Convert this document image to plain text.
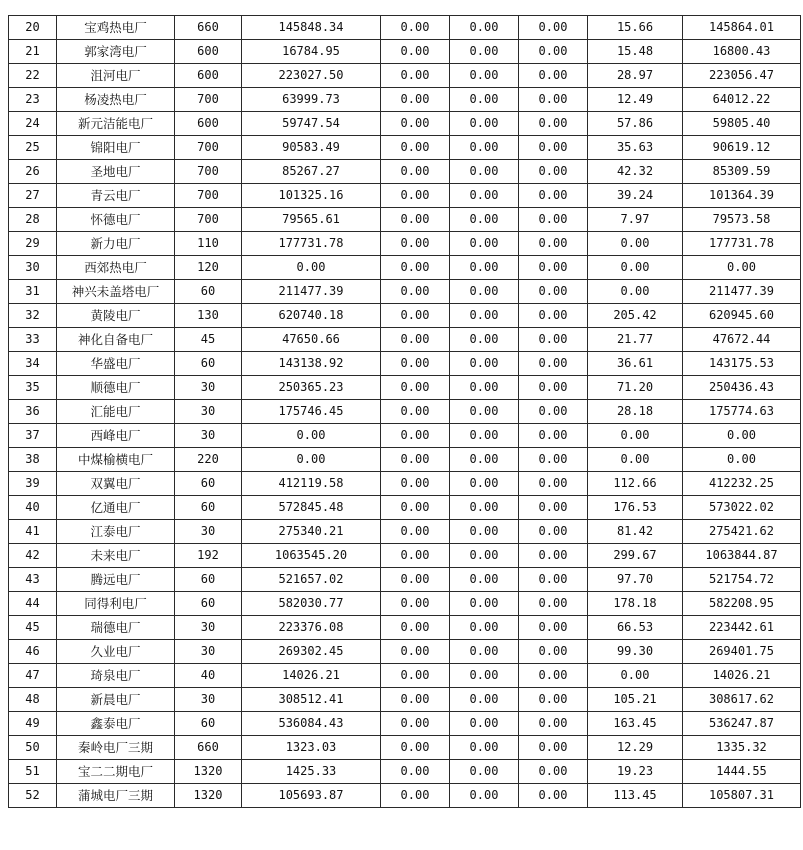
20	宝鸡热电厂	660	145848.34	0.00	0.00	0.00	15.66	145864.01
21	郭家湾电厂	600	16784.95	0.00	0.00	0.00	15.48	16800.43
22	沮河电厂	600	223027.50	0.00	0.00	0.00	28.97	223056.47
23	杨凌热电厂	700	63999.73	0.00	0.00	0.00	12.49	64012.22
24	新元洁能电厂	600	59747.54	0.00	0.00	0.00	57.86	59805.40
25	锦阳电厂	700	90583.49	0.00	0.00	0.00	35.63	90619.12
26	圣地电厂	700	85267.27	0.00	0.00	0.00	42.32	85309.59
27	青云电厂	700	101325.16	0.00	0.00	0.00	39.24	101364.39
28	怀德电厂	700	79565.61	0.00	0.00	0.00	7.97	79573.58
29	新力电厂	110	177731.78	0.00	0.00	0.00	0.00	177731.78
30	西郊热电厂	120	0.00	0.00	0.00	0.00	0.00	0.00
31	神兴未盖塔电厂	60	211477.39	0.00	0.00	0.00	0.00	211477.39
32	黄陵电厂	130	620740.18	0.00	0.00	0.00	205.42	620945.60
33	神化自备电厂	45	47650.66	0.00	0.00	0.00	21.77	47672.44
34	华盛电厂	60	143138.92	0.00	0.00	0.00	36.61	143175.53
35	顺德电厂	30	250365.23	0.00	0.00	0.00	71.20	250436.43
36	汇能电厂	30	175746.45	0.00	0.00	0.00	28.18	175774.63
37	西峰电厂	30	0.00	0.00	0.00	0.00	0.00	0.00
38	中煤榆横电厂	220	0.00	0.00	0.00	0.00	0.00	0.00
39	双翼电厂	60	412119.58	0.00	0.00	0.00	112.66	412232.25
40	亿通电厂	60	572845.48	0.00	0.00	0.00	176.53	573022.02
41	江泰电厂	30	275340.21	0.00	0.00	0.00	81.42	275421.62
42	未来电厂	192	1063545.20	0.00	0.00	0.00	299.67	1063844.87
43	腾远电厂	60	521657.02	0.00	0.00	0.00	97.70	521754.72
44	同得利电厂	60	582030.77	0.00	0.00	0.00	178.18	582208.95
45	瑞德电厂	30	223376.08	0.00	0.00	0.00	66.53	223442.61
46	久业电厂	30	269302.45	0.00	0.00	0.00	99.30	269401.75
47	琦泉电厂	40	14026.21	0.00	0.00	0.00	0.00	14026.21
48	新晨电厂	30	308512.41	0.00	0.00	0.00	105.21	308617.62
49	鑫泰电厂	60	536084.43	0.00	0.00	0.00	163.45	536247.87
50	秦岭电厂三期	660	1323.03	0.00	0.00	0.00	12.29	1335.32
51	宝二二期电厂	1320	1425.33	0.00	0.00	0.00	19.23	1444.55
52	蒲城电厂三期	1320	105693.87	0.00	0.00	0.00	113.45	105807.31
